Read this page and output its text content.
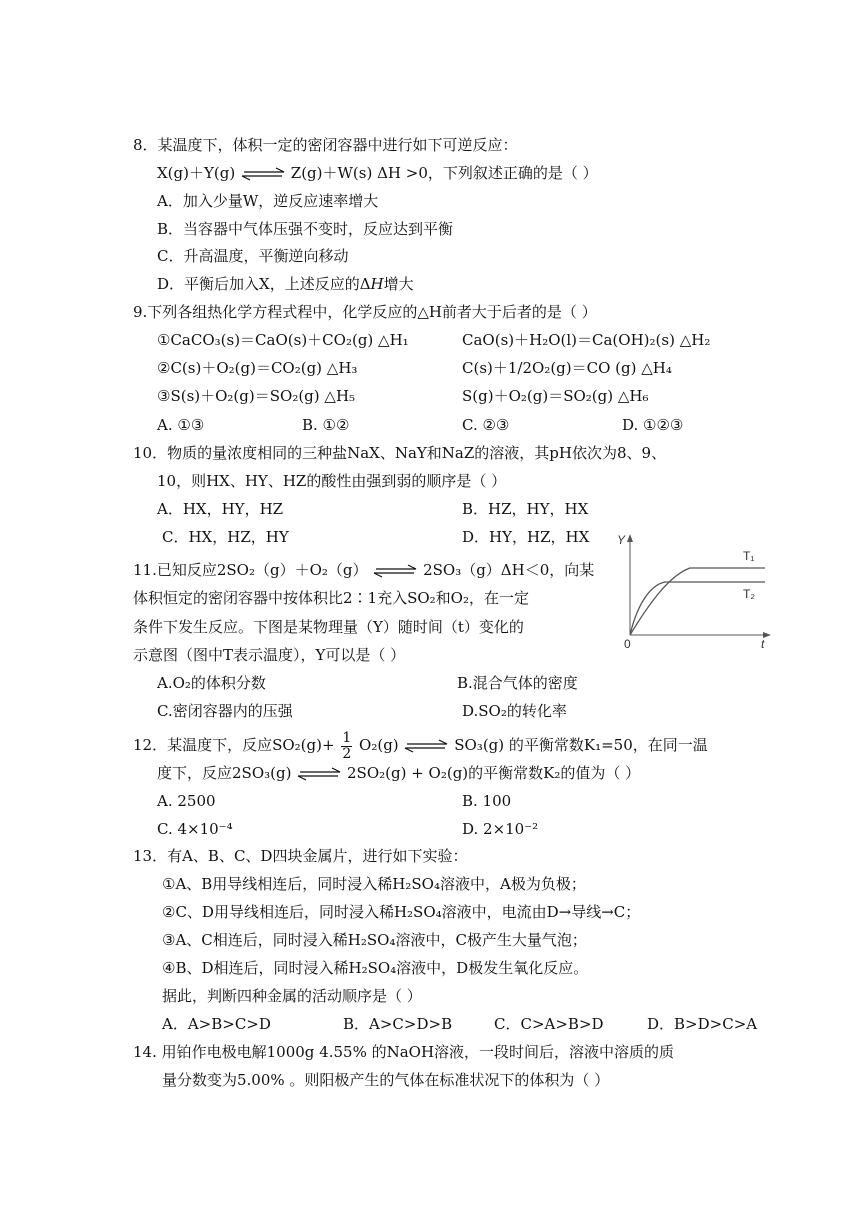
8．某温度下，体积一定的密闭容器中进行如下可逆反应：
X(g)＋Y(g)	Z(g)＋W(s) ΔH >0，下列叙述正确的是（ ）
A．加入少量W，逆反应速率增大
B．当容器中气体压强不变时，反应达到平衡
C．升高温度，平衡逆向移动
D．平衡后加入X，上述反应的ΔH增大
9.下列各组热化学方程式程中，化学反应的△H前者大于后者的是（ ）
①CaCO₃(s)＝CaO(s)＋CO₂(g) △H₁	CaO(s)＋H₂O(l)＝Ca(OH)₂(s) △H₂
②C(s)＋O₂(g)＝CO₂(g) △H₃	C(s)＋1/2O₂(g)＝CO (g) △H₄
③S(s)＋O₂(g)＝SO₂(g) △H₅	S(g)＋O₂(g)＝SO₂(g) △H₆
A. ①③	B. ①②	C. ②③	D. ①②③
10．物质的量浓度相同的三种盐NaX、NaY和NaZ的溶液，其pH依次为8、9、
10，则HX、HY、HZ的酸性由强到弱的顺序是（ ）
A．HX，HY，HZ	B．HZ，HY，HX
C．HX，HZ，HY	D．HY，HZ，HX
11.已知反应2SO₂（g）＋O₂（g）	2SO₃（g）ΔH＜0，向某
体积恒定的密闭容器中按体积比2∶1充入SO₂和O₂，在一定
条件下发生反应。下图是某物理量（Y）随时间（t）变化的
示意图（图中T表示温度），Y可以是（ ）
A.O₂的体积分数	B.混合气体的密度
C.密闭容器内的压强	D.SO₂的转化率
Y
t
0
T₁
T₂
12．某温度下，反应$SO_2(g)+ \frac{1}{2} O_2(g)$	SO₃(g) 的平衡常数K₁=50，在同一温
度下，反应2SO₃(g)	2SO₂(g) + O₂(g)的平衡常数K₂的值为（ ）
A. 2500	B. 100
C. 4×10⁻⁴	D. 2×10⁻²
13．有A、B、C、D四块金属片，进行如下实验：
①A、B用导线相连后，同时浸入稀H₂SO₄溶液中，A极为负极；
②C、D用导线相连后，同时浸入稀H₂SO₄溶液中，电流由D→导线→C；
③A、C相连后，同时浸入稀H₂SO₄溶液中，C极产生大量气泡；
④B、D相连后，同时浸入稀H₂SO₄溶液中，D极发生氧化反应。
据此，判断四种金属的活动顺序是（ ）
A．A>B>C>D	B．A>C>D>B	C．C>A>B>D	D．B>D>C>A
14. 用铂作电极电解1000g 4.55% 的NaOH溶液，一段时间后，溶液中溶质的质
量分数变为5.00% 。则阳极产生的气体在标准状况下的体积为（ ）
